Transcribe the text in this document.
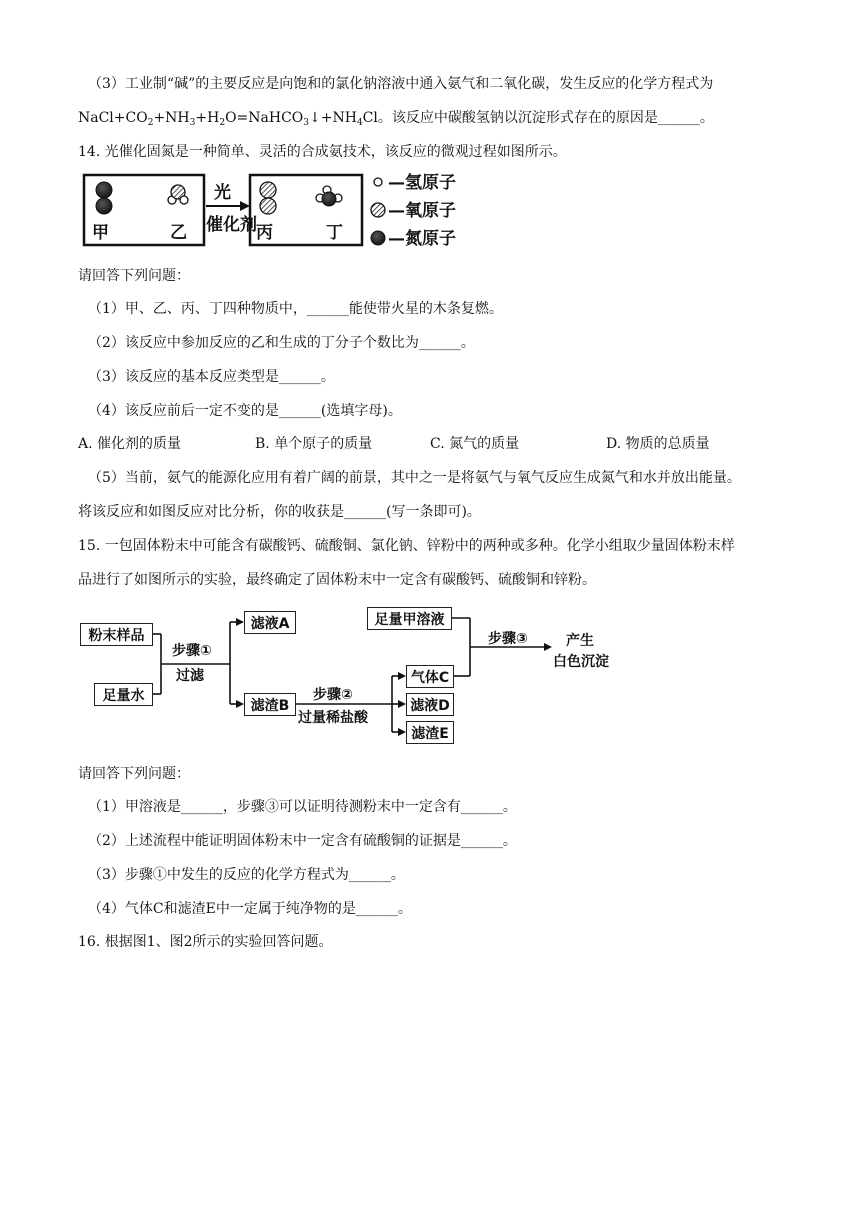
（3）工业制“碱”的主要反应是向饱和的氯化钠溶液中通入氨气和二氧化碳，发生反应的化学方程式为
$NaCl+CO_2+NH_3+H_2O=NaHCO_3↓+NH_4Cl$。该反应中碳酸氢钠以沉淀形式存在的原因是______。
14. 光催化固氮是一种简单、灵活的合成氨技术，该反应的微观过程如图所示。
甲	乙
光
催化剂 丙	丁
—氢原子
—氧原子
—氮原子
请回答下列问题：
（1）甲、乙、丙、丁四种物质中，______能使带火星的木条复燃。
（2）该反应中参加反应的乙和生成的丁分子个数比为______。
（3）该反应的基本反应类型是______。
（4）该反应前后一定不变的是______(选填字母)。
A. 催化剂的质量	B. 单个原子的质量	C. 氮气的质量	D. 物质的总质量
（5）当前，氨气的能源化应用有着广阔的前景，其中之一是将氨气与氧气反应生成氮气和水并放出能量。
将该反应和如图反应对比分析，你的收获是______(写一条即可)。
15. 一包固体粉末中可能含有碳酸钙、硫酸铜、氯化钠、锌粉中的两种或多种。化学小组取少量固体粉末样
品进行了如图所示的实验，最终确定了固体粉末中一定含有碳酸钙、硫酸铜和锌粉。
粉末样品
足量水
步骤①
过滤
滤液A
滤渣B
步骤②
过量稀盐酸
足量甲溶液
气体C
滤液D
滤渣E
步骤③	产生
白色沉淀
请回答下列问题：
（1）甲溶液是______，步骤③可以证明待测粉末中一定含有______。
（2）上述流程中能证明固体粉末中一定含有硫酸铜的证据是______。
（3）步骤①中发生的反应的化学方程式为______。
（4）气体C和滤渣E中一定属于纯净物的是______。
16. 根据图1、图2所示的实验回答问题。
